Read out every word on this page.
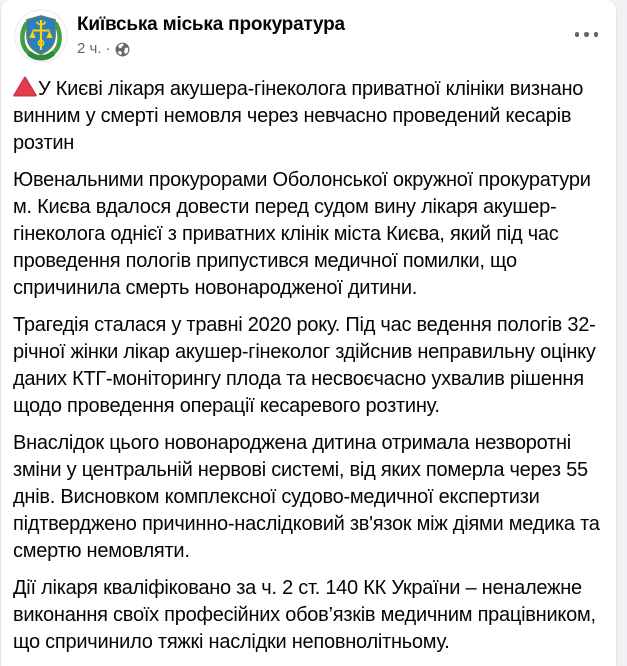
Київська міська прокуратура
2 ч. ·

У Києві лікаря акушера-гінеколога приватної клініки визнано винним у смерті немовля через невчасно проведений кесарів розтин

Ювенальними прокурорами Оболонської окружної прокуратури м. Києва вдалося довести перед судом вину лікаря акушер-гінеколога однієї з приватних клінік міста Києва, який під час проведення пологів припустився медичної помилки, що спричинила смерть новонародженої дитини.

Трагедія сталася у травні 2020 року. Під час ведення пологів 32-річної жінки лікар акушер-гінеколог здійснив неправильну оцінку даних КТГ-моніторингу плода та несвоєчасно ухвалив рішення щодо проведення операції кесаревого розтину.

Внаслідок цього новонароджена дитина отримала незворотні зміни у центральній нервові системі, від яких померла через 55 днів. Висновком комплексної судово-медичної експертизи підтверджено причинно-наслідковий зв'язок між діями медика та смертю немовляти.

Дії лікаря кваліфіковано за ч. 2 ст. 140 КК України – неналежне виконання своїх професійних обов’язків медичним працівником, що спричинило тяжкі наслідки неповнолітньому.
